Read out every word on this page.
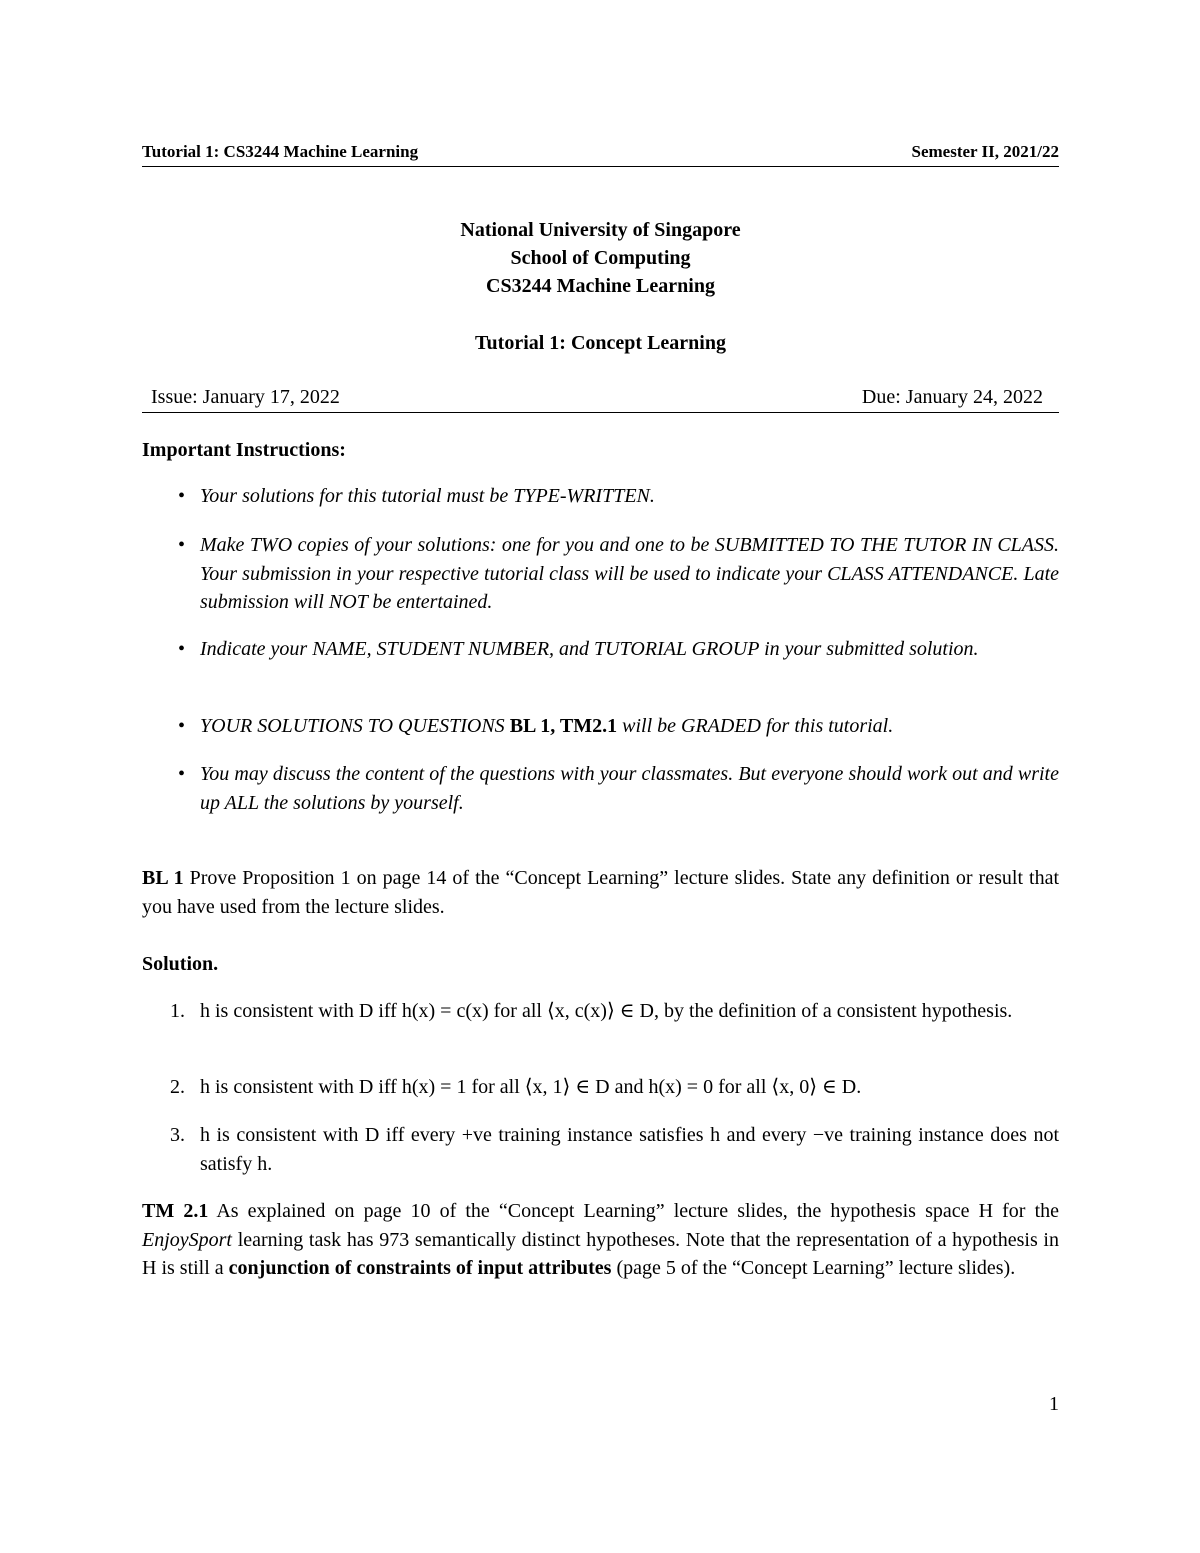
Tutorial 1: CS3244 Machine Learning	Semester II, 2021/22
National University of Singapore
School of Computing
CS3244 Machine Learning
Tutorial 1: Concept Learning
Issue: January 17, 2022	Due: January 24, 2022
Important Instructions:
• Your solutions for this tutorial must be TYPE-WRITTEN.
• Make TWO copies of your solutions: one for you and one to be SUBMITTED TO THE TUTOR IN CLASS. Your submission in your respective tutorial class will be used to indicate your CLASS ATTENDANCE. Late submission will NOT be entertained.
• Indicate your NAME, STUDENT NUMBER, and TUTORIAL GROUP in your submitted solution.
• YOUR SOLUTIONS TO QUESTIONS BL 1, TM2.1 will be GRADED for this tutorial.
• You may discuss the content of the questions with your classmates. But everyone should work out and write up ALL the solutions by yourself.
BL 1 Prove Proposition 1 on page 14 of the “Concept Learning” lecture slides. State any definition or result that you have used from the lecture slides.
Solution.
1. h is consistent with D iff h(x) = c(x) for all ⟨x, c(x)⟩ ∈ D, by the definition of a consistent hypothesis.
2. h is consistent with D iff h(x) = 1 for all ⟨x, 1⟩ ∈ D and h(x) = 0 for all ⟨x, 0⟩ ∈ D.
3. h is consistent with D iff every +ve training instance satisfies h and every −ve training instance does not satisfy h.
TM 2.1 As explained on page 10 of the “Concept Learning” lecture slides, the hypothesis space H for the EnjoySport learning task has 973 semantically distinct hypotheses. Note that the representation of a hypothesis in H is still a conjunction of constraints of input attributes (page 5 of the “Concept Learning” lecture slides).
1
